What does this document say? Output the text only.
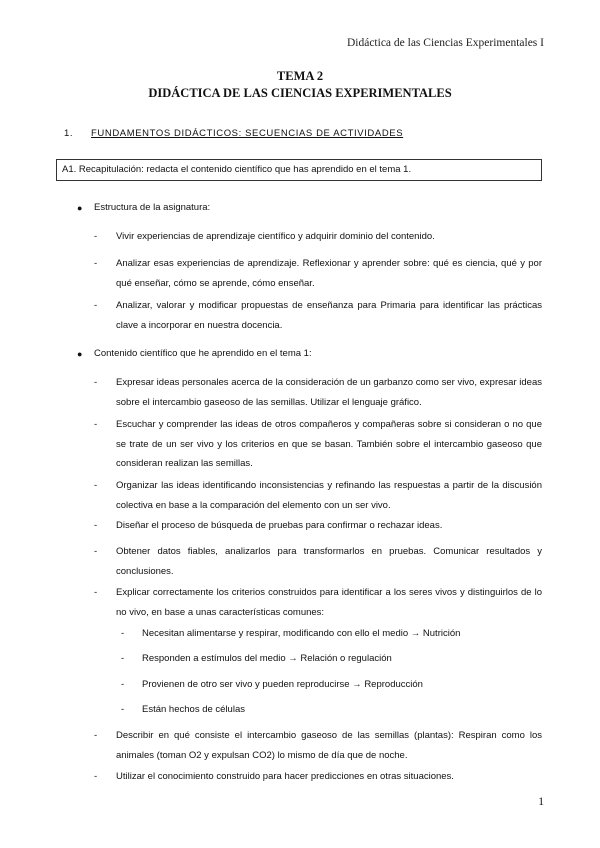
Didáctica de las Ciencias Experimentales I
TEMA 2
DIDÁCTICA DE LAS CIENCIAS EXPERIMENTALES
1. FUNDAMENTOS DIDÁCTICOS: SECUENCIAS DE ACTIVIDADES
A1. Recapitulación: redacta el contenido científico que has aprendido en el tema 1.
● Estructura de la asignatura:
- Vivir experiencias de aprendizaje científico y adquirir dominio del contenido.
- Analizar esas experiencias de aprendizaje. Reflexionar y aprender sobre: qué es ciencia, qué y por qué enseñar, cómo se aprende, cómo enseñar.
- Analizar, valorar y modificar propuestas de enseñanza para Primaria para identificar las prácticas clave a incorporar en nuestra docencia.
● Contenido científico que he aprendido en el tema 1:
- Expresar ideas personales acerca de la consideración de un garbanzo como ser vivo, expresar ideas sobre el intercambio gaseoso de las semillas. Utilizar el lenguaje gráfico.
- Escuchar y comprender las ideas de otros compañeros y compañeras sobre si consideran o no que se trate de un ser vivo y los criterios en que se basan. También sobre el intercambio gaseoso que consideran realizan las semillas.
- Organizar las ideas identificando inconsistencias y refinando las respuestas a partir de la discusión colectiva en base a la comparación del elemento con un ser vivo.
- Diseñar el proceso de búsqueda de pruebas para confirmar o rechazar ideas.
- Obtener datos fiables, analizarlos para transformarlos en pruebas. Comunicar resultados y conclusiones.
- Explicar correctamente los criterios construidos para identificar a los seres vivos y distinguirlos de lo no vivo, en base a unas características comunes:
- Necesitan alimentarse y respirar, modificando con ello el medio → Nutrición
- Responden a estímulos del medio → Relación o regulación
- Provienen de otro ser vivo y pueden reproducirse → Reproducción
- Están hechos de células
- Describir en qué consiste el intercambio gaseoso de las semillas (plantas): Respiran como los animales (toman O2 y expulsan CO2) lo mismo de día que de noche.
- Utilizar el conocimiento construido para hacer predicciones en otras situaciones.
1
